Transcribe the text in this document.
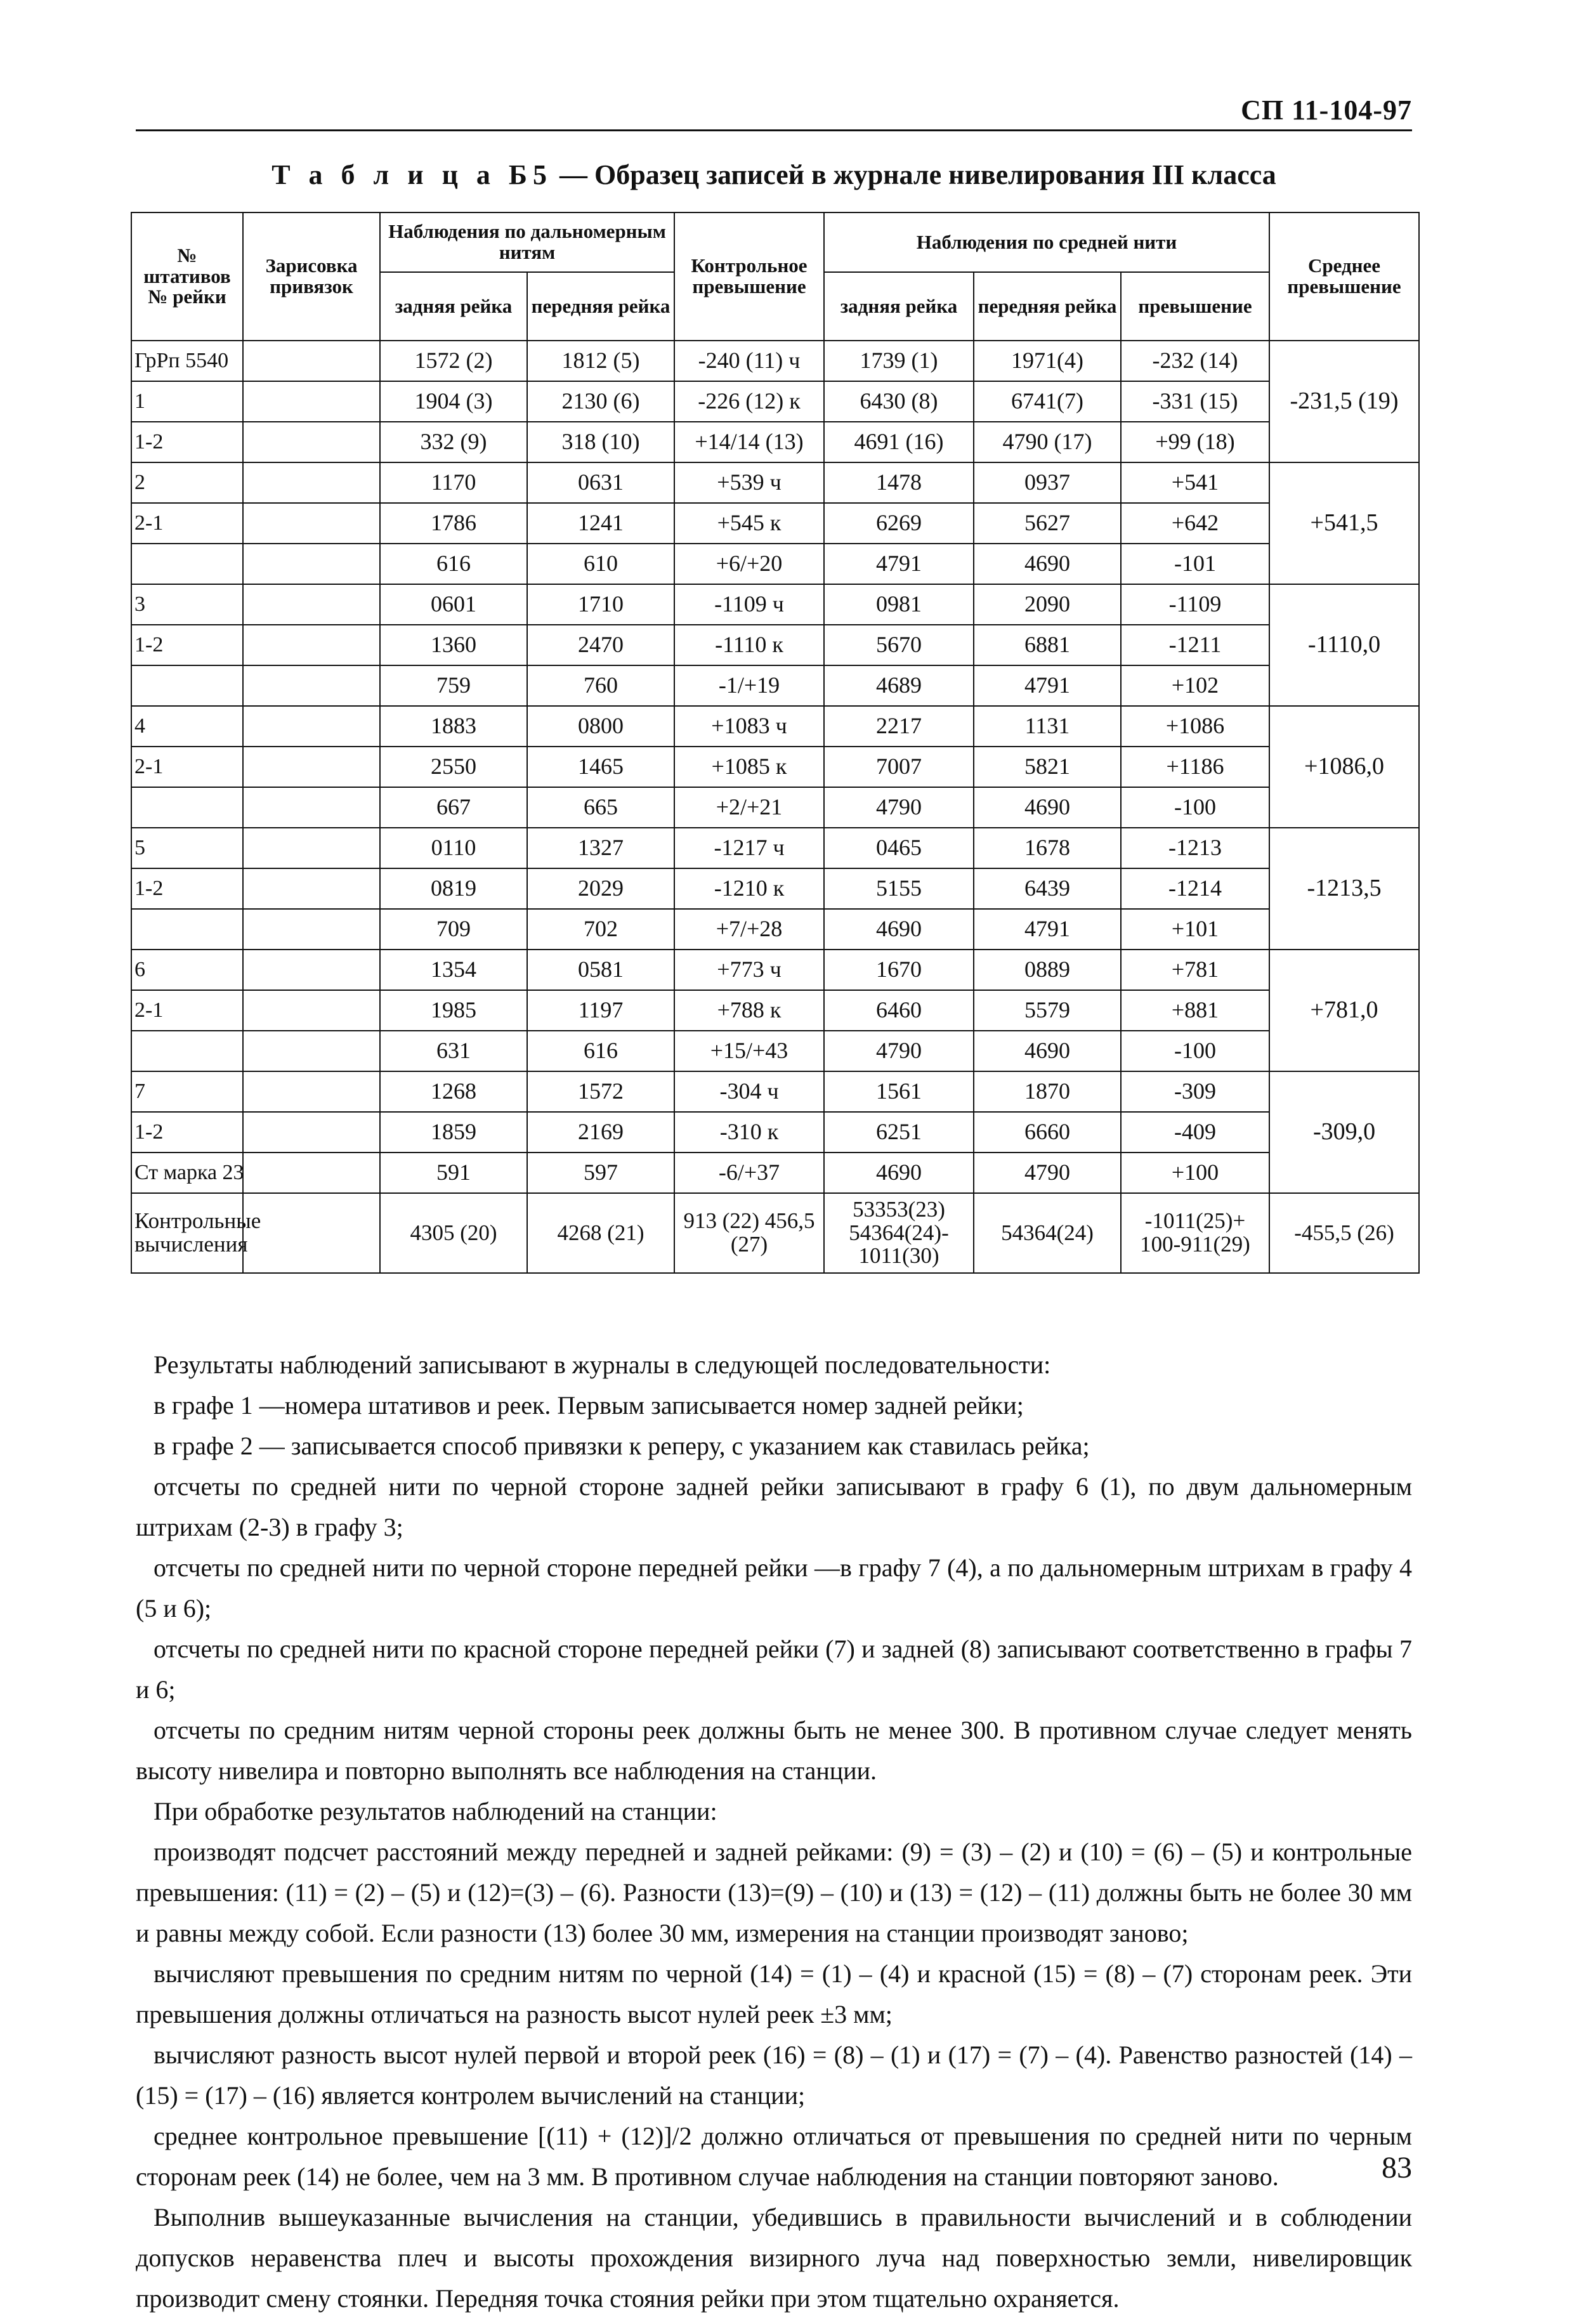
СП 11-104-97
Т а б л и ц а Б5 — Образец записей в журнале нивелирования III класса
№ штативов № рейки	Зарисовка привязок	Наблюдения по дальномерным нитям		Контрольное превышение	Наблюдения по средней нити			Среднее превышение
		задняя рейка	передняя рейка		задняя рейка	передняя рейка	превышение	
ГрРп 5540		1572 (2)	1812 (5)	-240 (11) ч	1739 (1)	1971(4)	-232 (14)	-231,5 (19)
1		1904 (3)	2130 (6)	-226 (12) к	6430 (8)	6741(7)	-331 (15)	
1-2		332 (9)	318 (10)	+14/14 (13)	4691 (16)	4790 (17)	+99 (18)	
2		1170	0631	+539 ч	1478	0937	+541	+541,5
2-1		1786	1241	+545 к	6269	5627	+642	
		616	610	+6/+20	4791	4690	-101	
3		0601	1710	-1109 ч	0981	2090	-1109	-1110,0
1-2		1360	2470	-1110 к	5670	6881	-1211	
		759	760	-1/+19	4689	4791	+102	
4		1883	0800	+1083 ч	2217	1131	+1086	+1086,0
2-1		2550	1465	+1085 к	7007	5821	+1186	
		667	665	+2/+21	4790	4690	-100	
5		0110	1327	-1217 ч	0465	1678	-1213	-1213,5
1-2		0819	2029	-1210 к	5155	6439	-1214	
		709	702	+7/+28	4690	4791	+101	
6		1354	0581	+773 ч	1670	0889	+781	+781,0
2-1		1985	1197	+788 к	6460	5579	+881	
		631	616	+15/+43	4790	4690	-100	
7		1268	1572	-304 ч	1561	1870	-309	-309,0
1-2		1859	2169	-310 к	6251	6660	-409	
Ст марка 23		591	597	-6/+37	4690	4790	+100	
Контрольные вычисления		4305 (20)	4268 (21)	913 (22) 456,5 (27)	53353(23) 54364(24)- 1011(30)	54364(24)	-1011(25)+ 100-911(29)	-455,5 (26)

Результаты наблюдений записывают в журналы в следующей последовательности:

в графе 1 —номера штативов и реек. Первым записывается номер задней рейки;

в графе 2 — записывается способ привязки к реперу, с указанием как ставилась рейка;

отсчеты по средней нити по черной стороне задней рейки записывают в графу 6 (1), по двум дальномерным штрихам (2-3) в графу 3;

отсчеты по средней нити по черной стороне передней рейки —в графу 7 (4), а по дальномерным штрихам в графу 4 (5 и 6);

отсчеты по средней нити по красной стороне передней рейки (7) и задней (8) записывают соответственно в графы 7 и 6;

отсчеты по средним нитям черной стороны реек должны быть не менее 300. В противном случае следует менять высоту нивелира и повторно выполнять все наблюдения на станции.

При обработке результатов наблюдений на станции:

производят подсчет расстояний между передней и задней рейками: (9) = (3) – (2) и (10) = (6) – (5) и контрольные превышения: (11) = (2) – (5) и (12)=(3) – (6). Разности (13)=(9) – (10) и (13) = (12) – (11) должны быть не более 30 мм и равны между собой. Если разности (13) более 30 мм, измерения на станции производят заново;

вычисляют превышения по средним нитям по черной (14) = (1) – (4) и красной (15) = (8) – (7) сторонам реек. Эти превышения должны отличаться на разность высот нулей реек ±3 мм;

вычисляют разность высот нулей первой и второй реек (16) = (8) – (1) и (17) = (7) – (4). Равенство разностей (14) – (15) = (17) – (16) является контролем вычислений на станции;

среднее контрольное превышение [(11) + (12)]/2 должно отличаться от превышения по средней нити по черным сторонам реек (14) не более, чем на 3 мм. В противном случае наблюдения на станции повторяют заново.

Выполнив вышеуказанные вычисления на станции, убедившись в правильности вычислений и в соблюдении допусков неравенства плеч и высоты прохождения визирного луча над поверхностью земли, нивелировщик производит смену стоянки. Передняя точка стояния рейки при этом тщательно охраняется.

83
